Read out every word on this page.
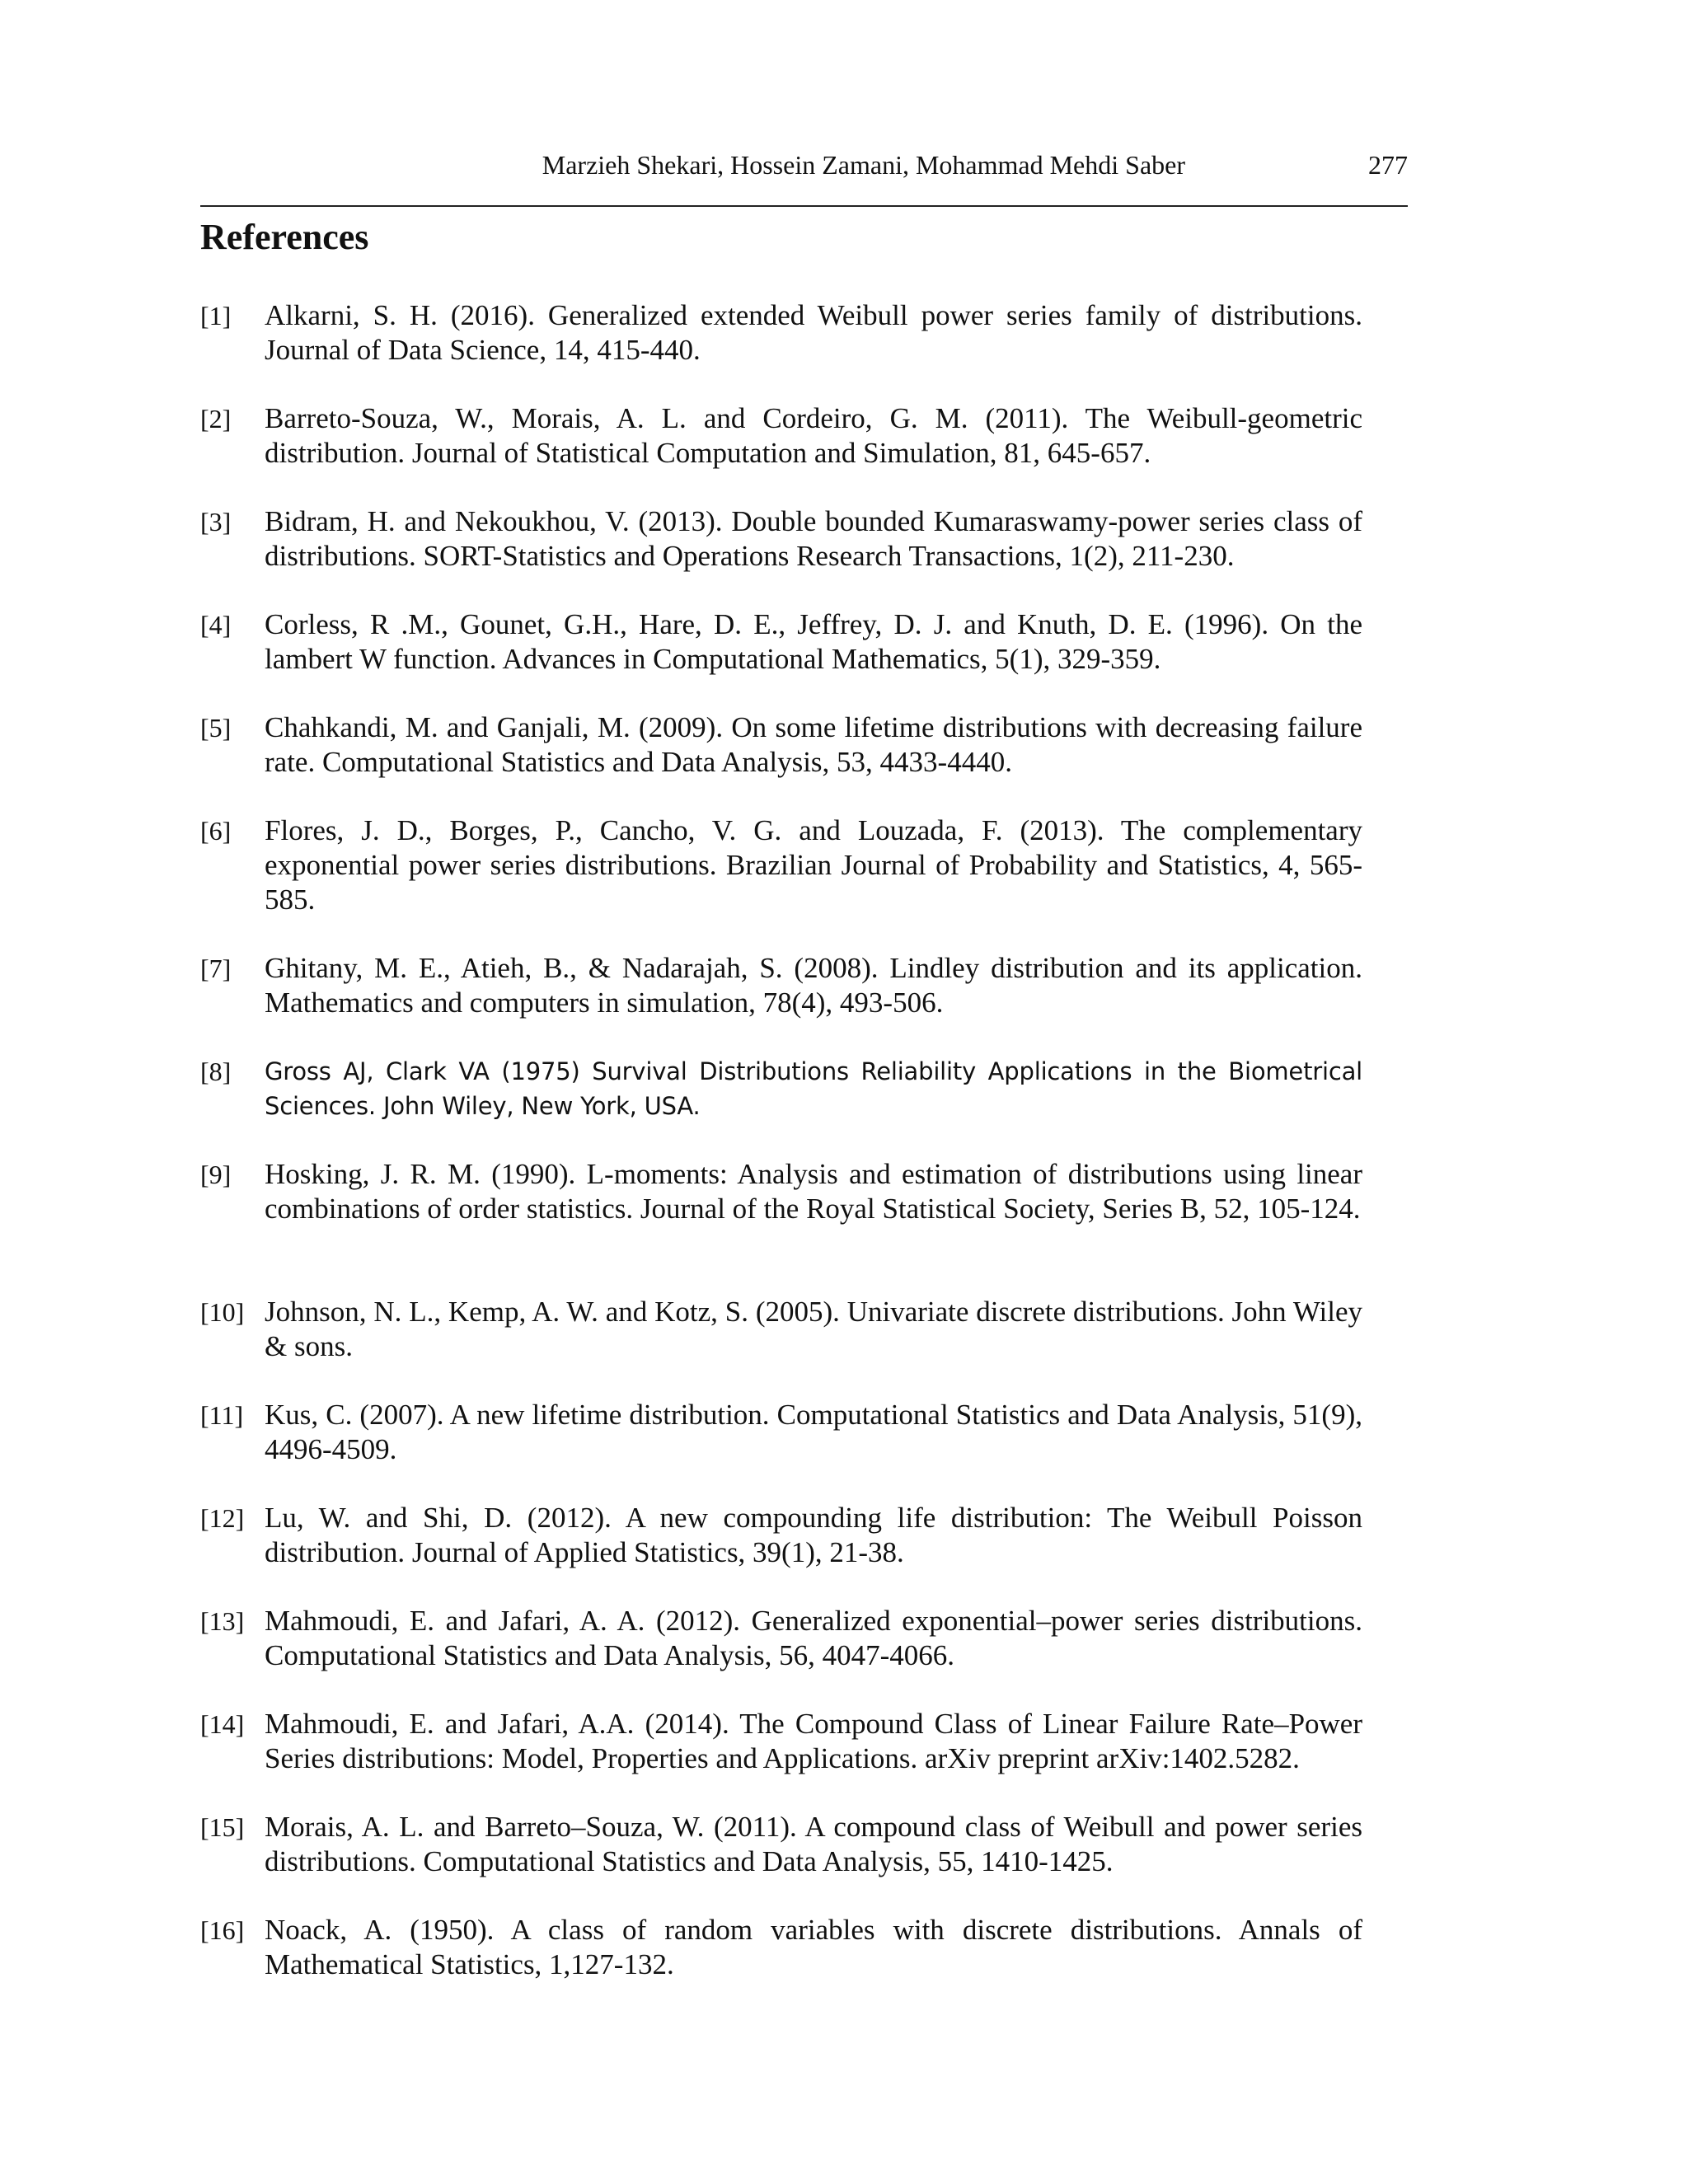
Marzieh Shekari, Hossein Zamani, Mohammad Mehdi Saber	277
References
[1] Alkarni, S. H. (2016). Generalized extended Weibull power series family of distributions. Journal of Data Science, 14, 415-440.
[2] Barreto-Souza, W., Morais, A. L. and Cordeiro, G. M. (2011). The Weibull-geometric distribution. Journal of Statistical Computation and Simulation, 81, 645-657.
[3] Bidram, H. and Nekoukhou, V. (2013). Double bounded Kumaraswamy-power series class of distributions. SORT-Statistics and Operations Research Transactions, 1(2), 211-230.
[4] Corless, R .M., Gounet, G.H., Hare, D. E., Jeffrey, D. J. and Knuth, D. E. (1996). On the lambert W function. Advances in Computational Mathematics, 5(1), 329-359.
[5] Chahkandi, M. and Ganjali, M. (2009). On some lifetime distributions with decreasing failure rate. Computational Statistics and Data Analysis, 53, 4433-4440.
[6] Flores, J. D., Borges, P., Cancho, V. G. and Louzada, F. (2013). The complementary exponential power series distributions. Brazilian Journal of Probability and Statistics, 4, 565-585.
[7] Ghitany, M. E., Atieh, B., & Nadarajah, S. (2008). Lindley distribution and its application. Mathematics and computers in simulation, 78(4), 493-506.
[8] Gross AJ, Clark VA (1975) Survival Distributions Reliability Applications in the Biometrical Sciences. John Wiley, New York, USA.
[9] Hosking, J. R. M. (1990). L-moments: Analysis and estimation of distributions using linear combinations of order statistics. Journal of the Royal Statistical Society, Series B, 52, 105-124.
[10] Johnson, N. L., Kemp, A. W. and Kotz, S. (2005). Univariate discrete distributions. John Wiley & sons.
[11] Kus, C. (2007). A new lifetime distribution. Computational Statistics and Data Analysis, 51(9), 4496-4509.
[12] Lu, W. and Shi, D. (2012). A new compounding life distribution: The Weibull Poisson distribution. Journal of Applied Statistics, 39(1), 21-38.
[13] Mahmoudi, E. and Jafari, A. A. (2012). Generalized exponential–power series distributions. Computational Statistics and Data Analysis, 56, 4047-4066.
[14] Mahmoudi, E. and Jafari, A.A. (2014). The Compound Class of Linear Failure Rate–Power Series distributions: Model, Properties and Applications. arXiv preprint arXiv:1402.5282.
[15] Morais, A. L. and Barreto–Souza, W. (2011). A compound class of Weibull and power series distributions. Computational Statistics and Data Analysis, 55, 1410-1425.
[16] Noack, A. (1950). A class of random variables with discrete distributions. Annals of Mathematical Statistics, 1,127-132.
